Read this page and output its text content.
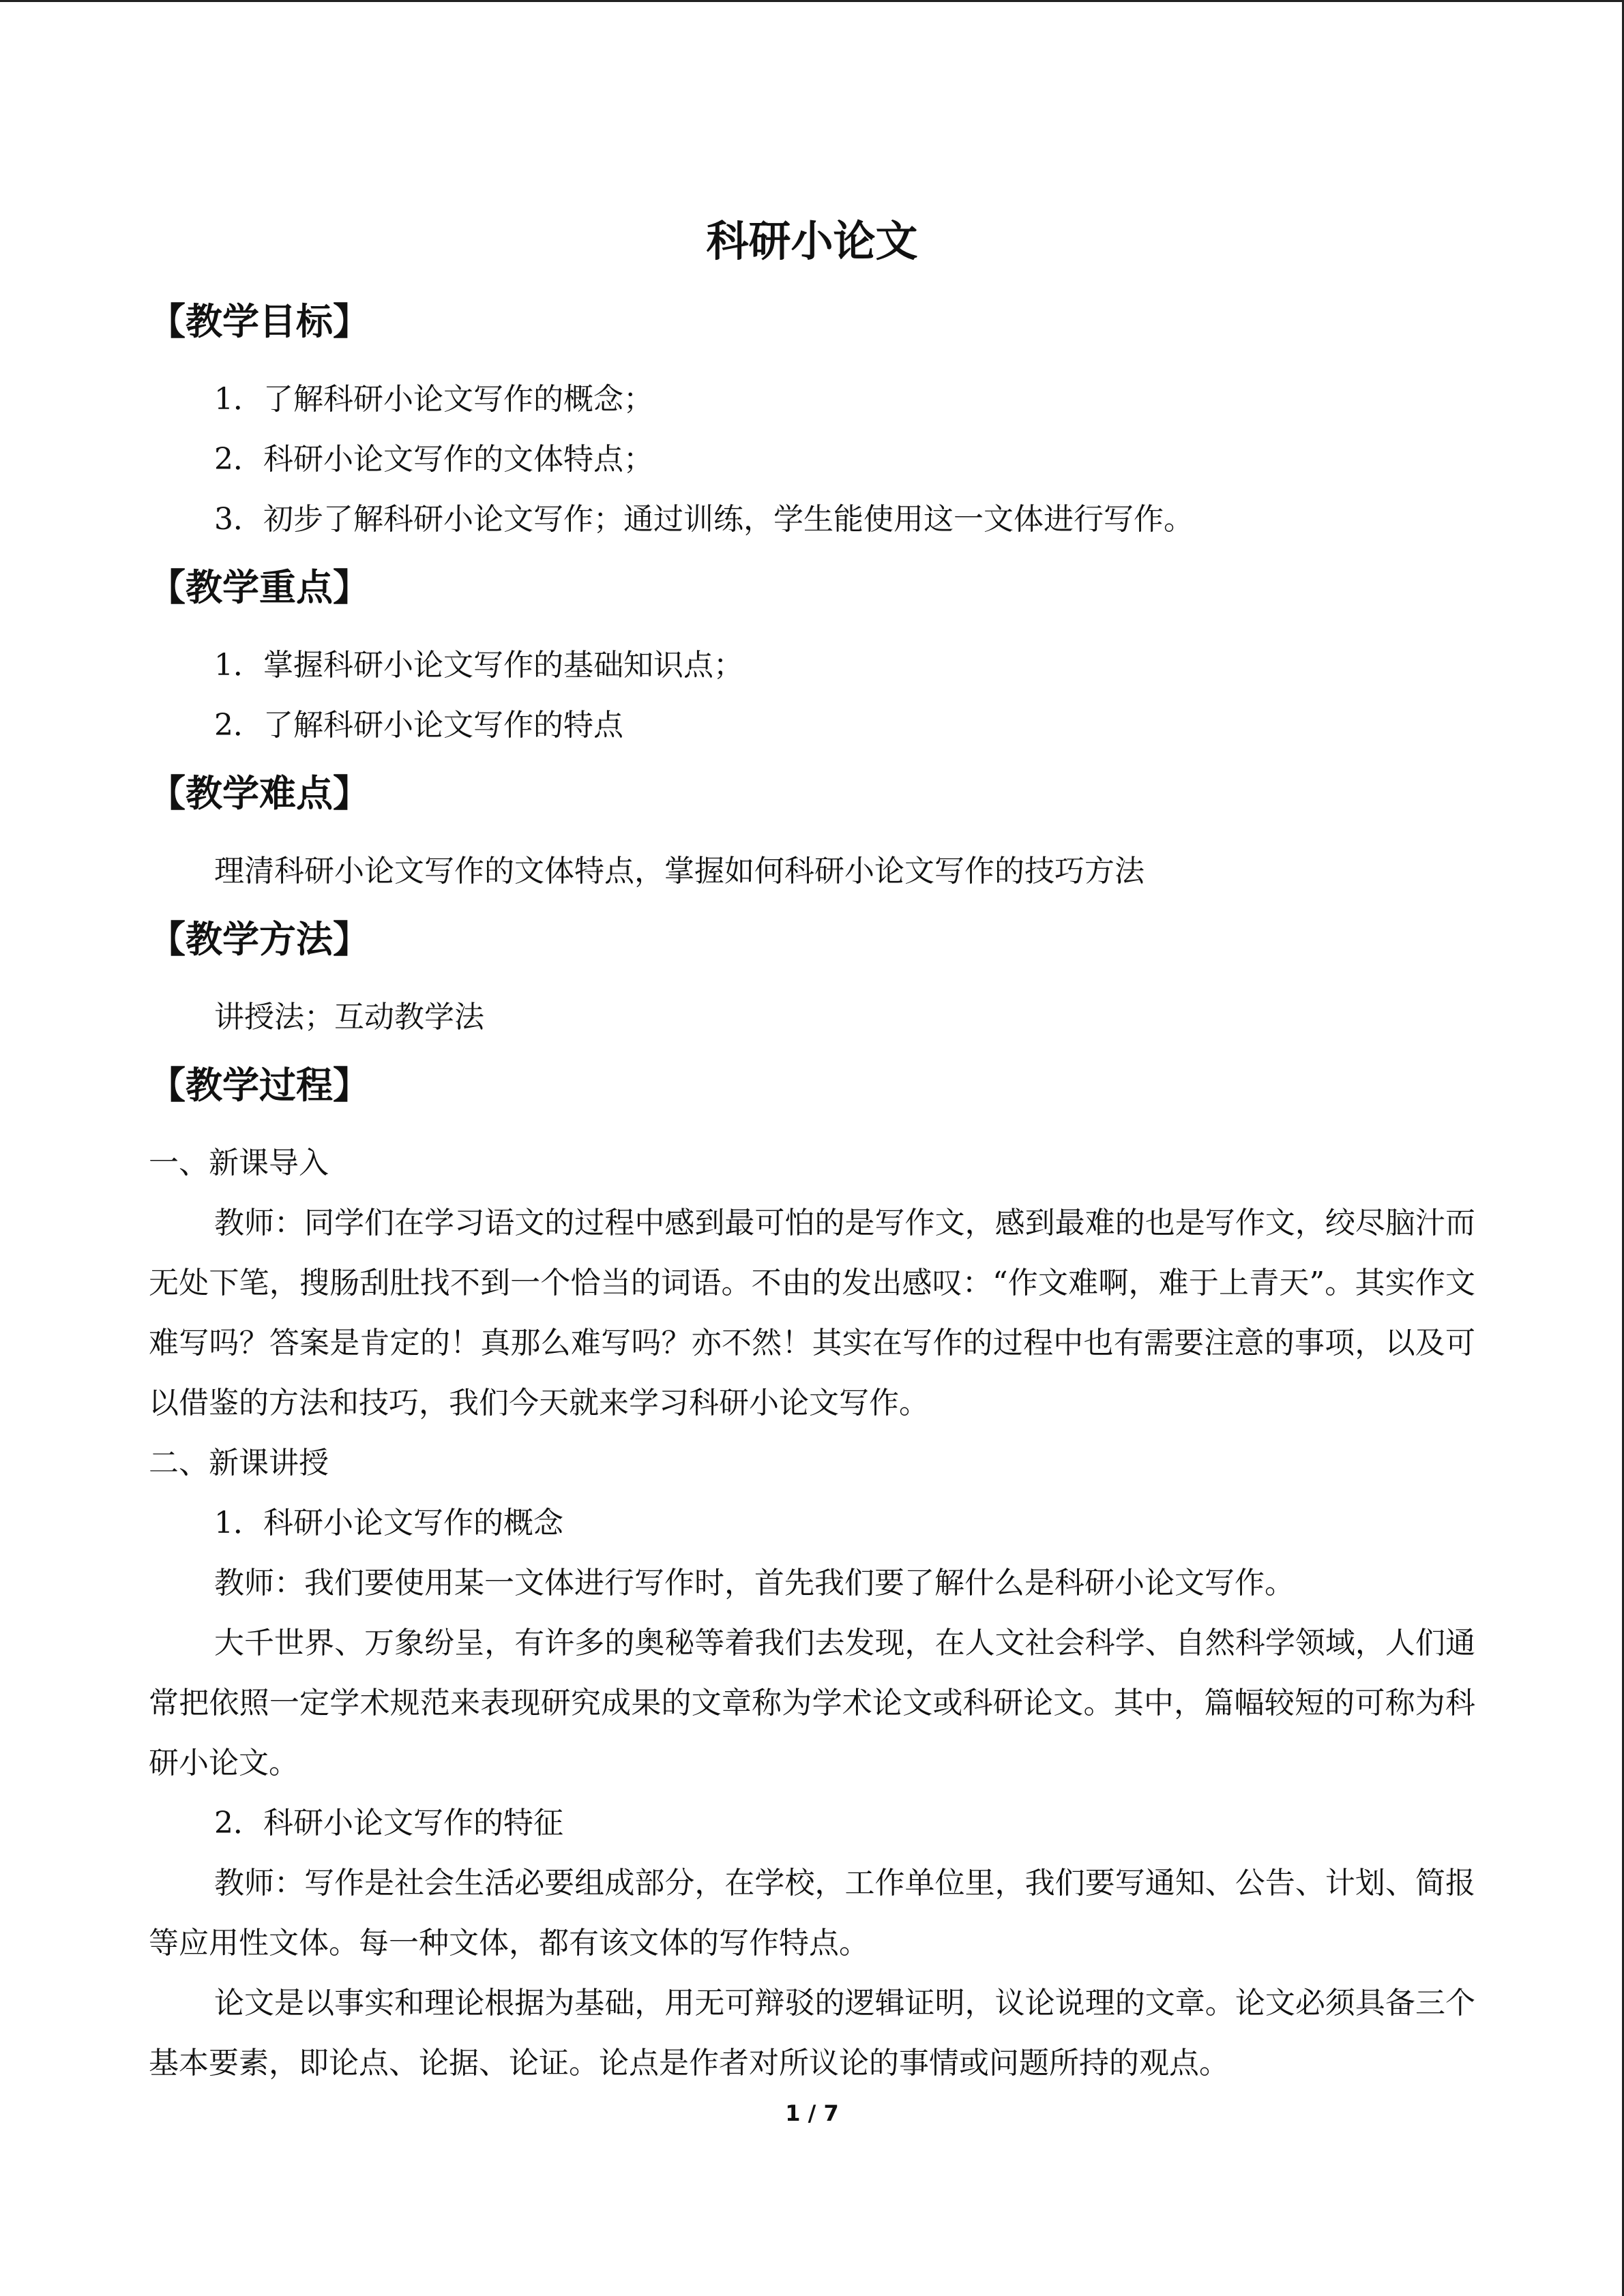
科研小论文
【教学目标】

1．了解科研小论文写作的概念；

2．科研小论文写作的文体特点；

3．初步了解科研小论文写作；通过训练，学生能使用这一文体进行写作。

【教学重点】

1．掌握科研小论文写作的基础知识点；

2．了解科研小论文写作的特点

【教学难点】

理清科研小论文写作的文体特点，掌握如何科研小论文写作的技巧方法

【教学方法】

讲授法；互动教学法

【教学过程】

一、新课导入

教师：同学们在学习语文的过程中感到最可怕的是写作文，感到最难的也是写作文，绞尽脑汁而无处下笔，搜肠刮肚找不到一个恰当的词语。不由的发出感叹：“作文难啊，难于上青天”。其实作文难写吗？答案是肯定的！真那么难写吗？亦不然！其实在写作的过程中也有需要注意的事项，以及可以借鉴的方法和技巧，我们今天就来学习科研小论文写作。

二、新课讲授

1．科研小论文写作的概念

教师：我们要使用某一文体进行写作时，首先我们要了解什么是科研小论文写作。

大千世界、万象纷呈，有许多的奥秘等着我们去发现，在人文社会科学、自然科学领域，人们通常把依照一定学术规范来表现研究成果的文章称为学术论文或科研论文。其中，篇幅较短的可称为科研小论文。

2．科研小论文写作的特征

教师：写作是社会生活必要组成部分，在学校，工作单位里，我们要写通知、公告、计划、简报等应用性文体。每一种文体，都有该文体的写作特点。

论文是以事实和理论根据为基础，用无可辩驳的逻辑证明，议论说理的文章。论文必须具备三个基本要素，即论点、论据、论证。论点是作者对所议论的事情或问题所持的观点。

1 / 7
